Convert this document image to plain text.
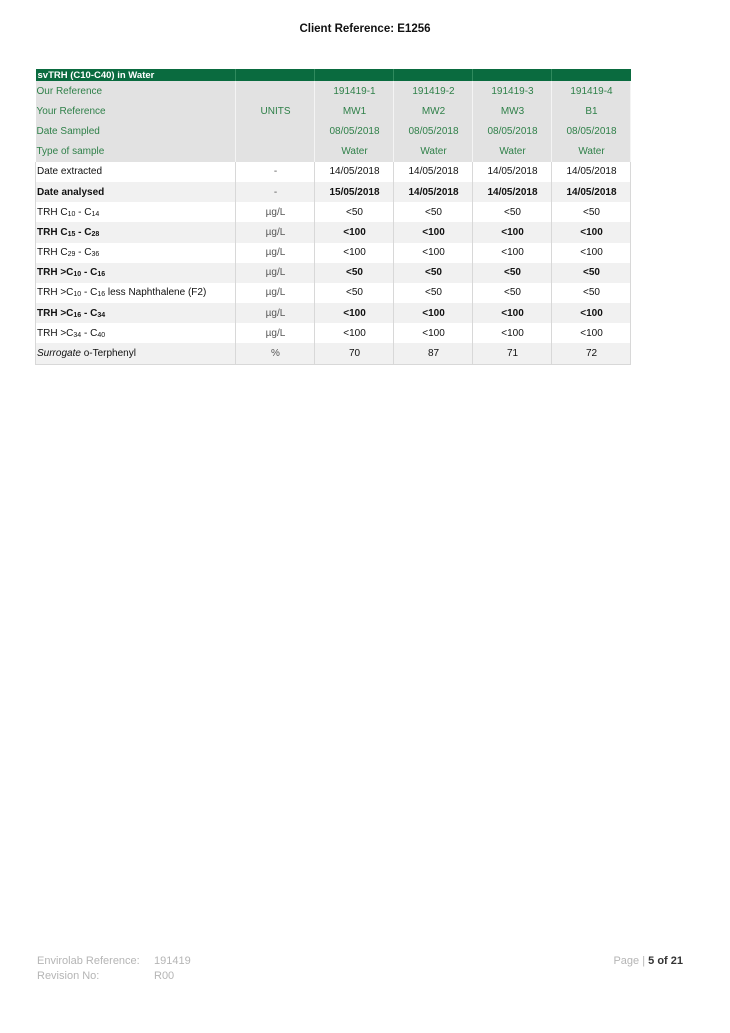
Client Reference: E1256
svTRH (C10-C40) in Water					
Our Reference		191419-1	191419-2	191419-3	191419-4
Your Reference	UNITS	MW1	MW2	MW3	B1
Date Sampled		08/05/2018	08/05/2018	08/05/2018	08/05/2018
Type of sample		Water	Water	Water	Water
Date extracted	-	14/05/2018	14/05/2018	14/05/2018	14/05/2018
Date analysed	-	15/05/2018	14/05/2018	14/05/2018	14/05/2018
TRH $C_{10} - C_{14}$	µg/L	<50	<50	<50	<50
TRH $C_{15} - C_{28}$	µg/L	<100	<100	<100	<100
TRH $C_{29} - C_{36}$	µg/L	<100	<100	<100	<100
TRH $>C_{10} - C_{16}$	µg/L	<50	<50	<50	<50
TRH $>C_{10} - C_{16}$ less Naphthalene (F2)	µg/L	<50	<50	<50	<50
TRH $>C_{16} - C_{34}$	µg/L	<100	<100	<100	<100
TRH $>C_{34} - C_{40}$	µg/L	<100	<100	<100	<100
Surrogate o-Terphenyl	%	70	87	71	72
Envirolab Reference:	191419
Revision No:	R00
Page | 5 of 21
